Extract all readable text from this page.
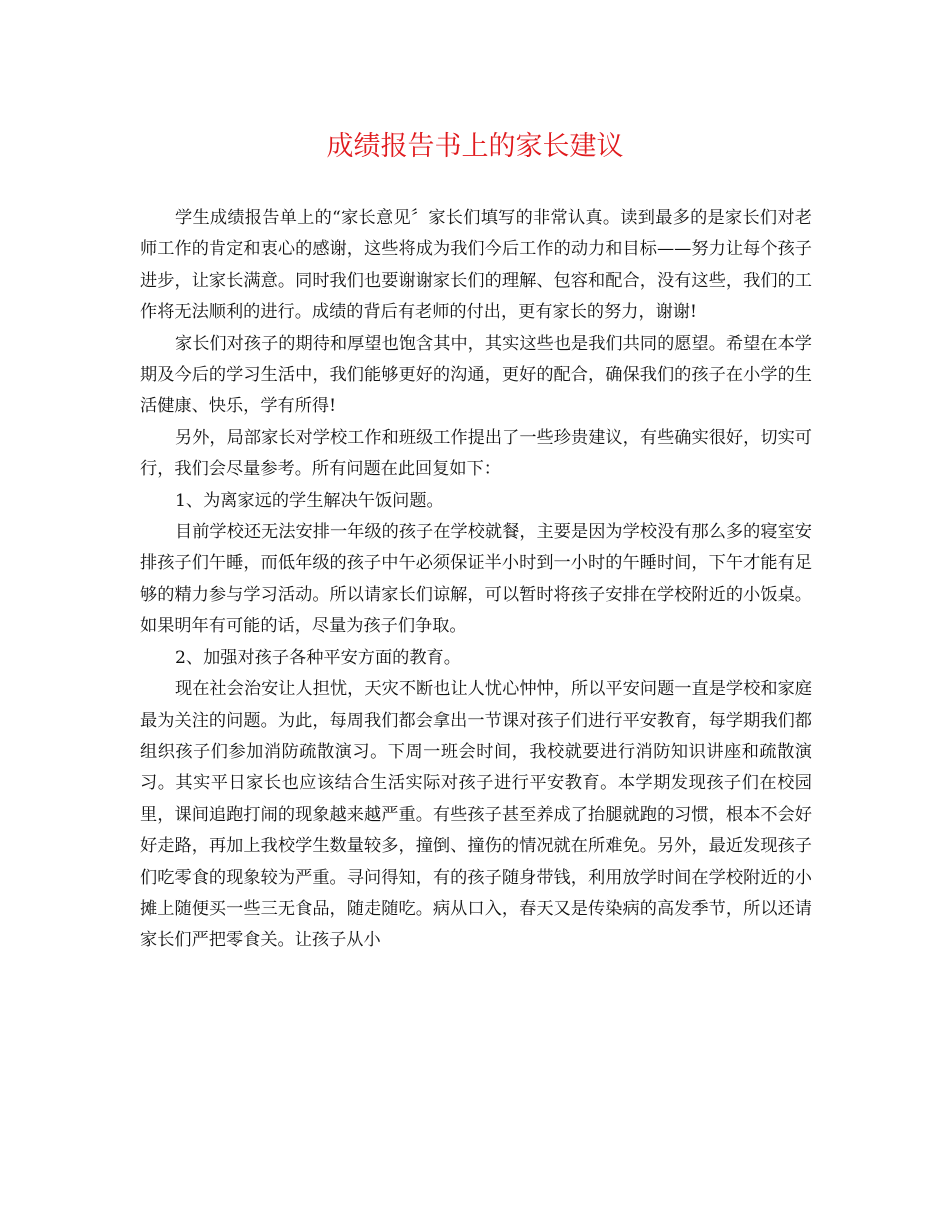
成绩报告书上的家长建议

学生成绩报告单上的“家长意见〞家长们填写的非常认真。读到最多的是家长们对老师工作的肯定和衷心的感谢，这些将成为我们今后工作的动力和目标——努力让每个孩子进步，让家长满意。同时我们也要谢谢家长们的理解、包容和配合，没有这些，我们的工作将无法顺利的进行。成绩的背后有老师的付出，更有家长的努力，谢谢!

家长们对孩子的期待和厚望也饱含其中，其实这些也是我们共同的愿望。希望在本学期及今后的学习生活中，我们能够更好的沟通，更好的配合，确保我们的孩子在小学的生活健康、快乐，学有所得!

另外，局部家长对学校工作和班级工作提出了一些珍贵建议，有些确实很好，切实可行，我们会尽量参考。所有问题在此回复如下：

1、为离家远的学生解决午饭问题。

目前学校还无法安排一年级的孩子在学校就餐，主要是因为学校没有那么多的寝室安排孩子们午睡，而低年级的孩子中午必须保证半小时到一小时的午睡时间，下午才能有足够的精力参与学习活动。所以请家长们谅解，可以暂时将孩子安排在学校附近的小饭桌。如果明年有可能的话，尽量为孩子们争取。

2、加强对孩子各种平安方面的教育。

现在社会治安让人担忧，天灾不断也让人忧心忡忡，所以平安问题一直是学校和家庭最为关注的问题。为此，每周我们都会拿出一节课对孩子们进行平安教育，每学期我们都组织孩子们参加消防疏散演习。下周一班会时间，我校就要进行消防知识讲座和疏散演习。其实平日家长也应该结合生活实际对孩子进行平安教育。本学期发现孩子们在校园里，课间追跑打闹的现象越来越严重。有些孩子甚至养成了抬腿就跑的习惯，根本不会好好走路，再加上我校学生数量较多，撞倒、撞伤的情况就在所难免。另外，最近发现孩子们吃零食的现象较为严重。寻问得知，有的孩子随身带钱，利用放学时间在学校附近的小摊上随便买一些三无食品，随走随吃。病从口入，春天又是传染病的高发季节，所以还请家长们严把零食关。让孩子从小
